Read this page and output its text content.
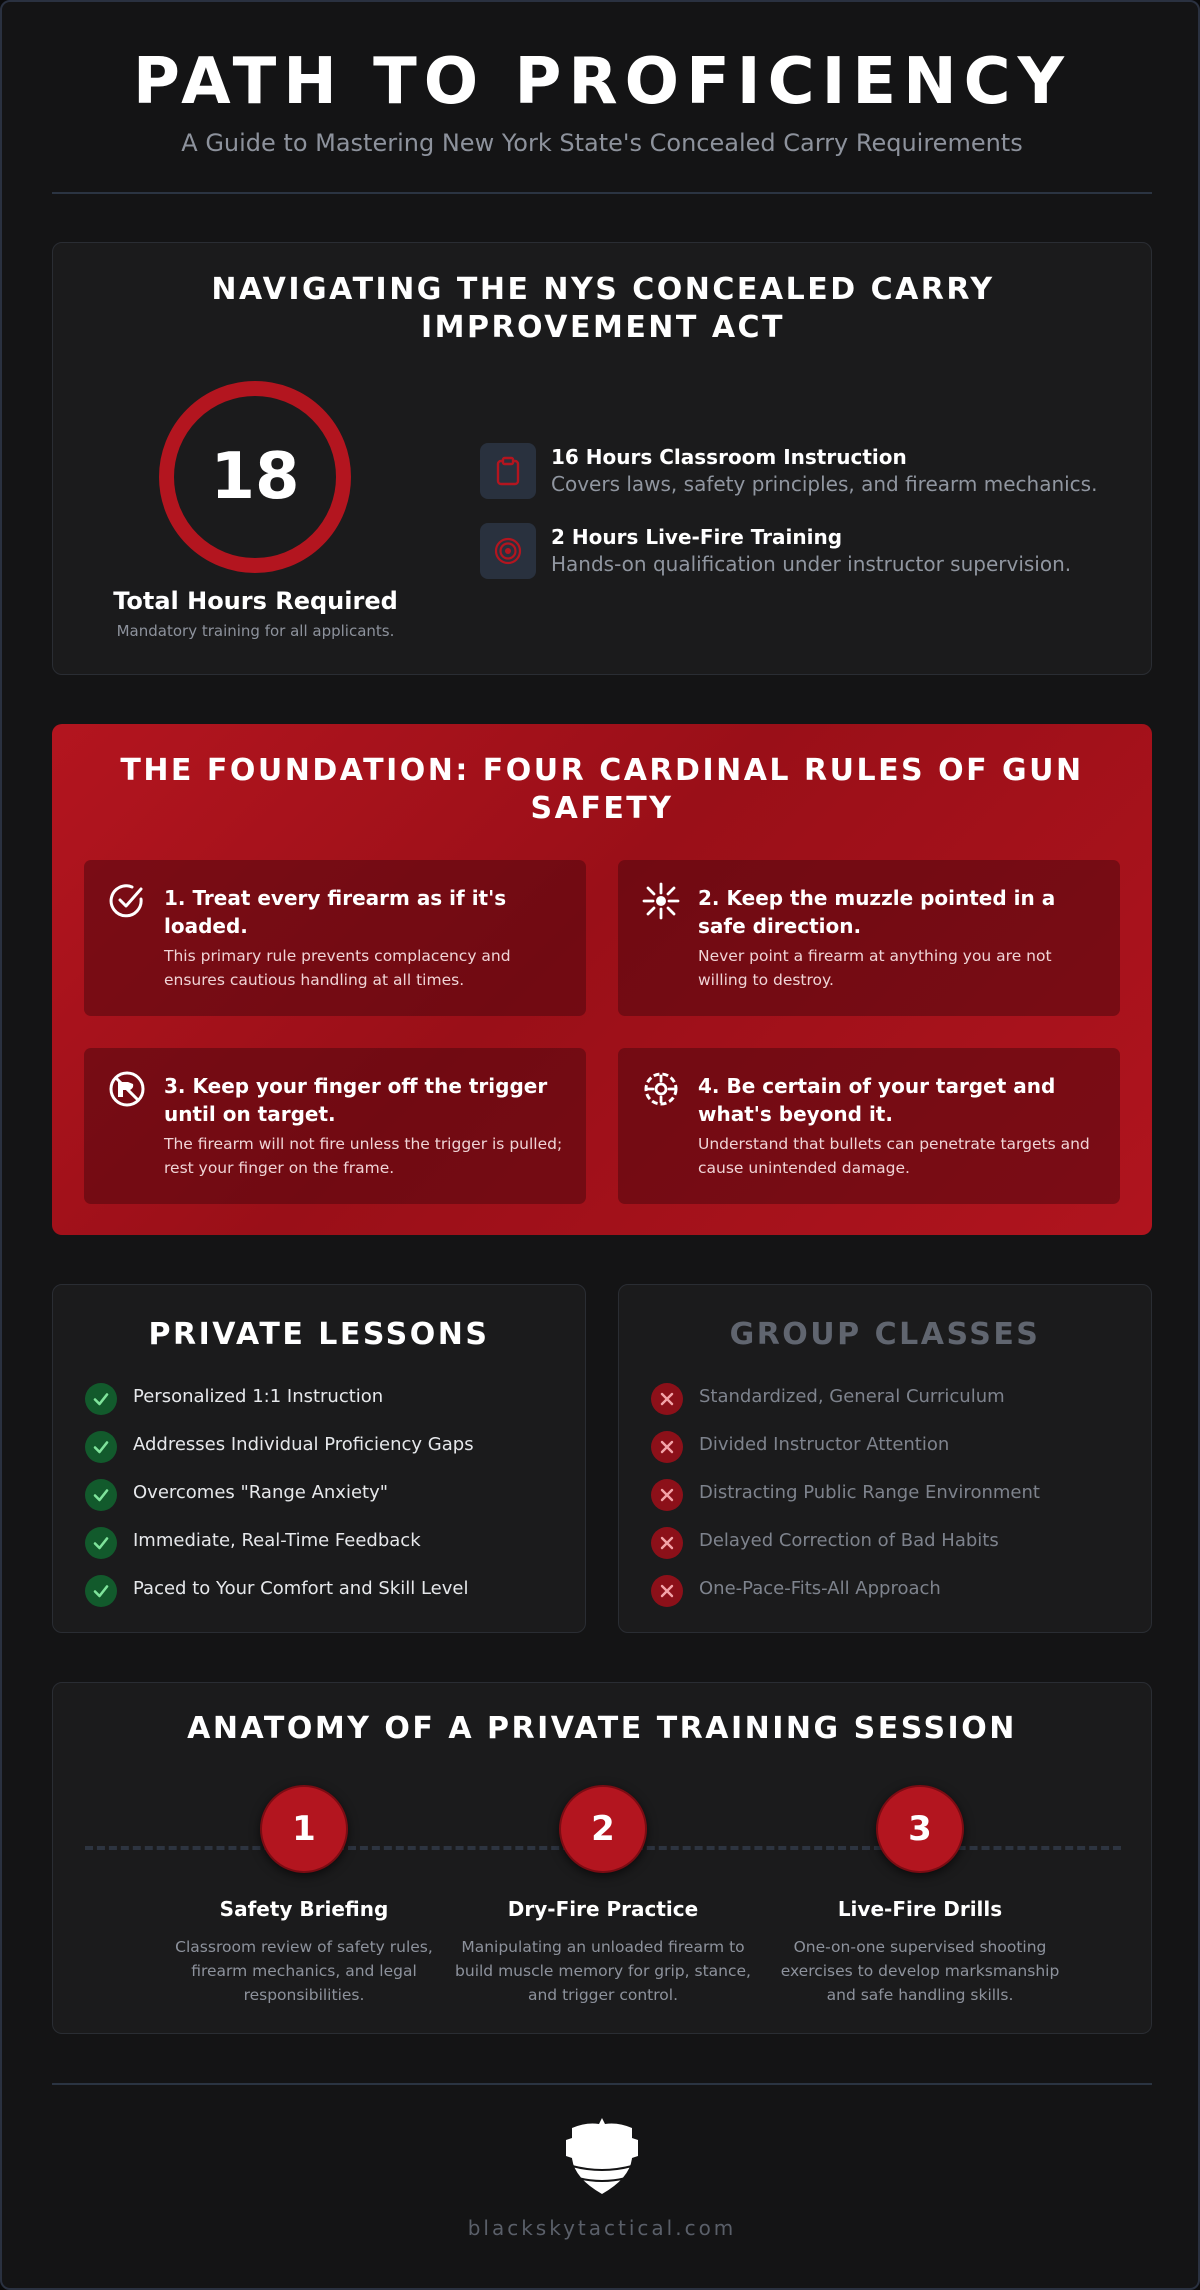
PATH TO PROFICIENCY

A Guide to Mastering New York State's Concealed Carry Requirements

NAVIGATING THE NYS CONCEALED CARRY IMPROVEMENT ACT
18
Total Hours Required
Mandatory training for all applicants.
16 Hours Classroom Instruction
Covers laws, safety principles, and firearm mechanics.
2 Hours Live-Fire Training
Hands-on qualification under instructor supervision.
THE FOUNDATION: FOUR CARDINAL RULES OF GUN SAFETY
1. Treat every firearm as if it's loaded.
This primary rule prevents complacency and ensures cautious handling at all times.
2. Keep the muzzle pointed in a safe direction.
Never point a firearm at anything you are not willing to destroy.
3. Keep your finger off the trigger until on target.
The firearm will not fire unless the trigger is pulled; rest your finger on the frame.
4. Be certain of your target and what's beyond it.
Understand that bullets can penetrate targets and cause unintended damage.
PRIVATE LESSONS
Personalized 1:1 Instruction
Addresses Individual Proficiency Gaps
Overcomes "Range Anxiety"
Immediate, Real-Time Feedback
Paced to Your Comfort and Skill Level
GROUP CLASSES
Standardized, General Curriculum
Divided Instructor Attention
Distracting Public Range Environment
Delayed Correction of Bad Habits
One-Pace-Fits-All Approach
ANATOMY OF A PRIVATE TRAINING SESSION
1
Safety Briefing
Classroom review of safety rules, firearm mechanics, and legal responsibilities.
2
Dry-Fire Practice
Manipulating an unloaded firearm to build muscle memory for grip, stance, and trigger control.
3
Live-Fire Drills
One-on-one supervised shooting exercises to develop marksmanship and safe handling skills.
blackskytactical.com
